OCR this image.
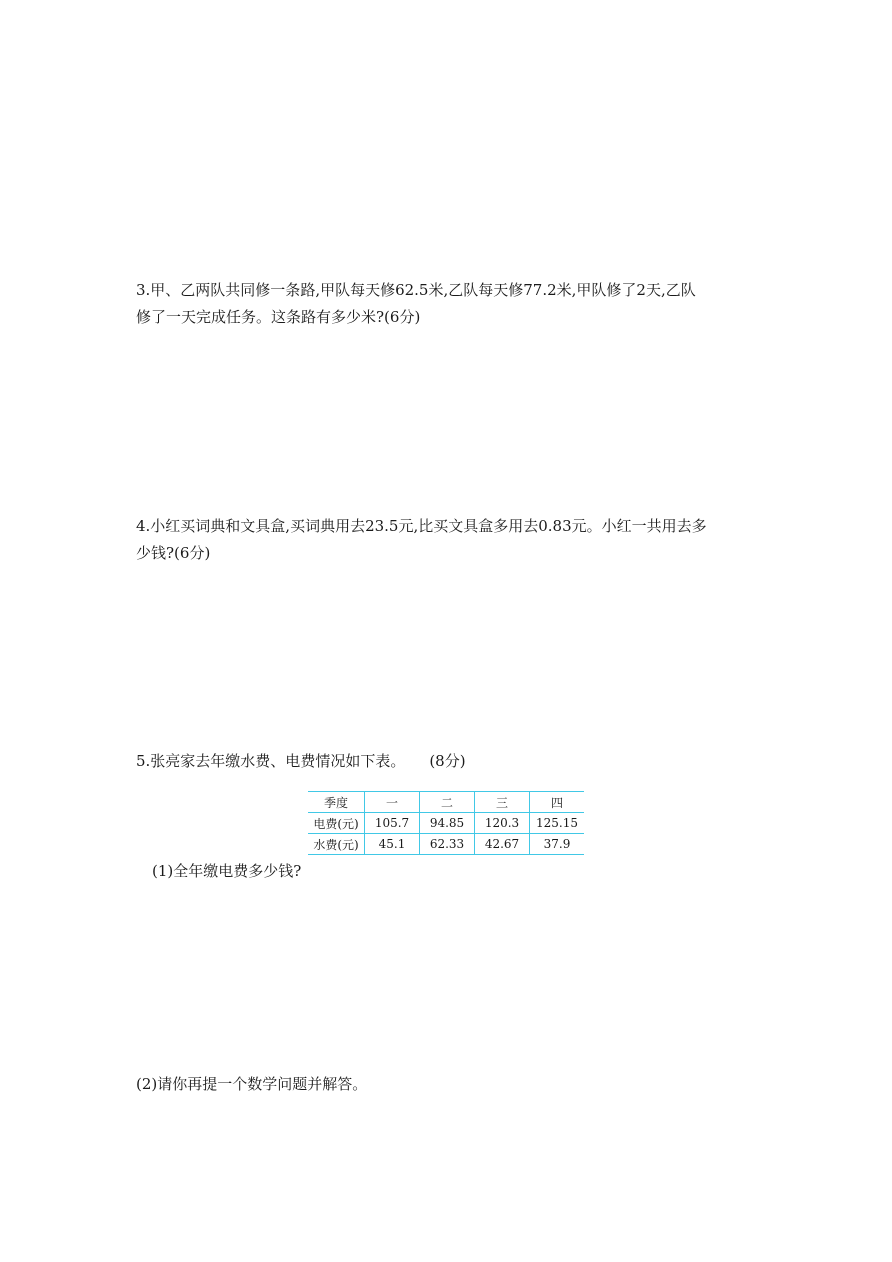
3.甲、乙两队共同修一条路,甲队每天修62.5米,乙队每天修77.2米,甲队修了2天,乙队
修了一天完成任务。这条路有多少米?(6分)
4.小红买词典和文具盒,买词典用去23.5元,比买文具盒多用去0.83元。小红一共用去多
少钱?(6分)
5.张亮家去年缴水费、电费情况如下表。 (8分)
季度	一	二	三	四
电费(元)	105.7	94.85	120.3	125.15
水费(元)	45.1	62.33	42.67	37.9

(1)全年缴电费多少钱?

(2)请你再提一个数学问题并解答。
